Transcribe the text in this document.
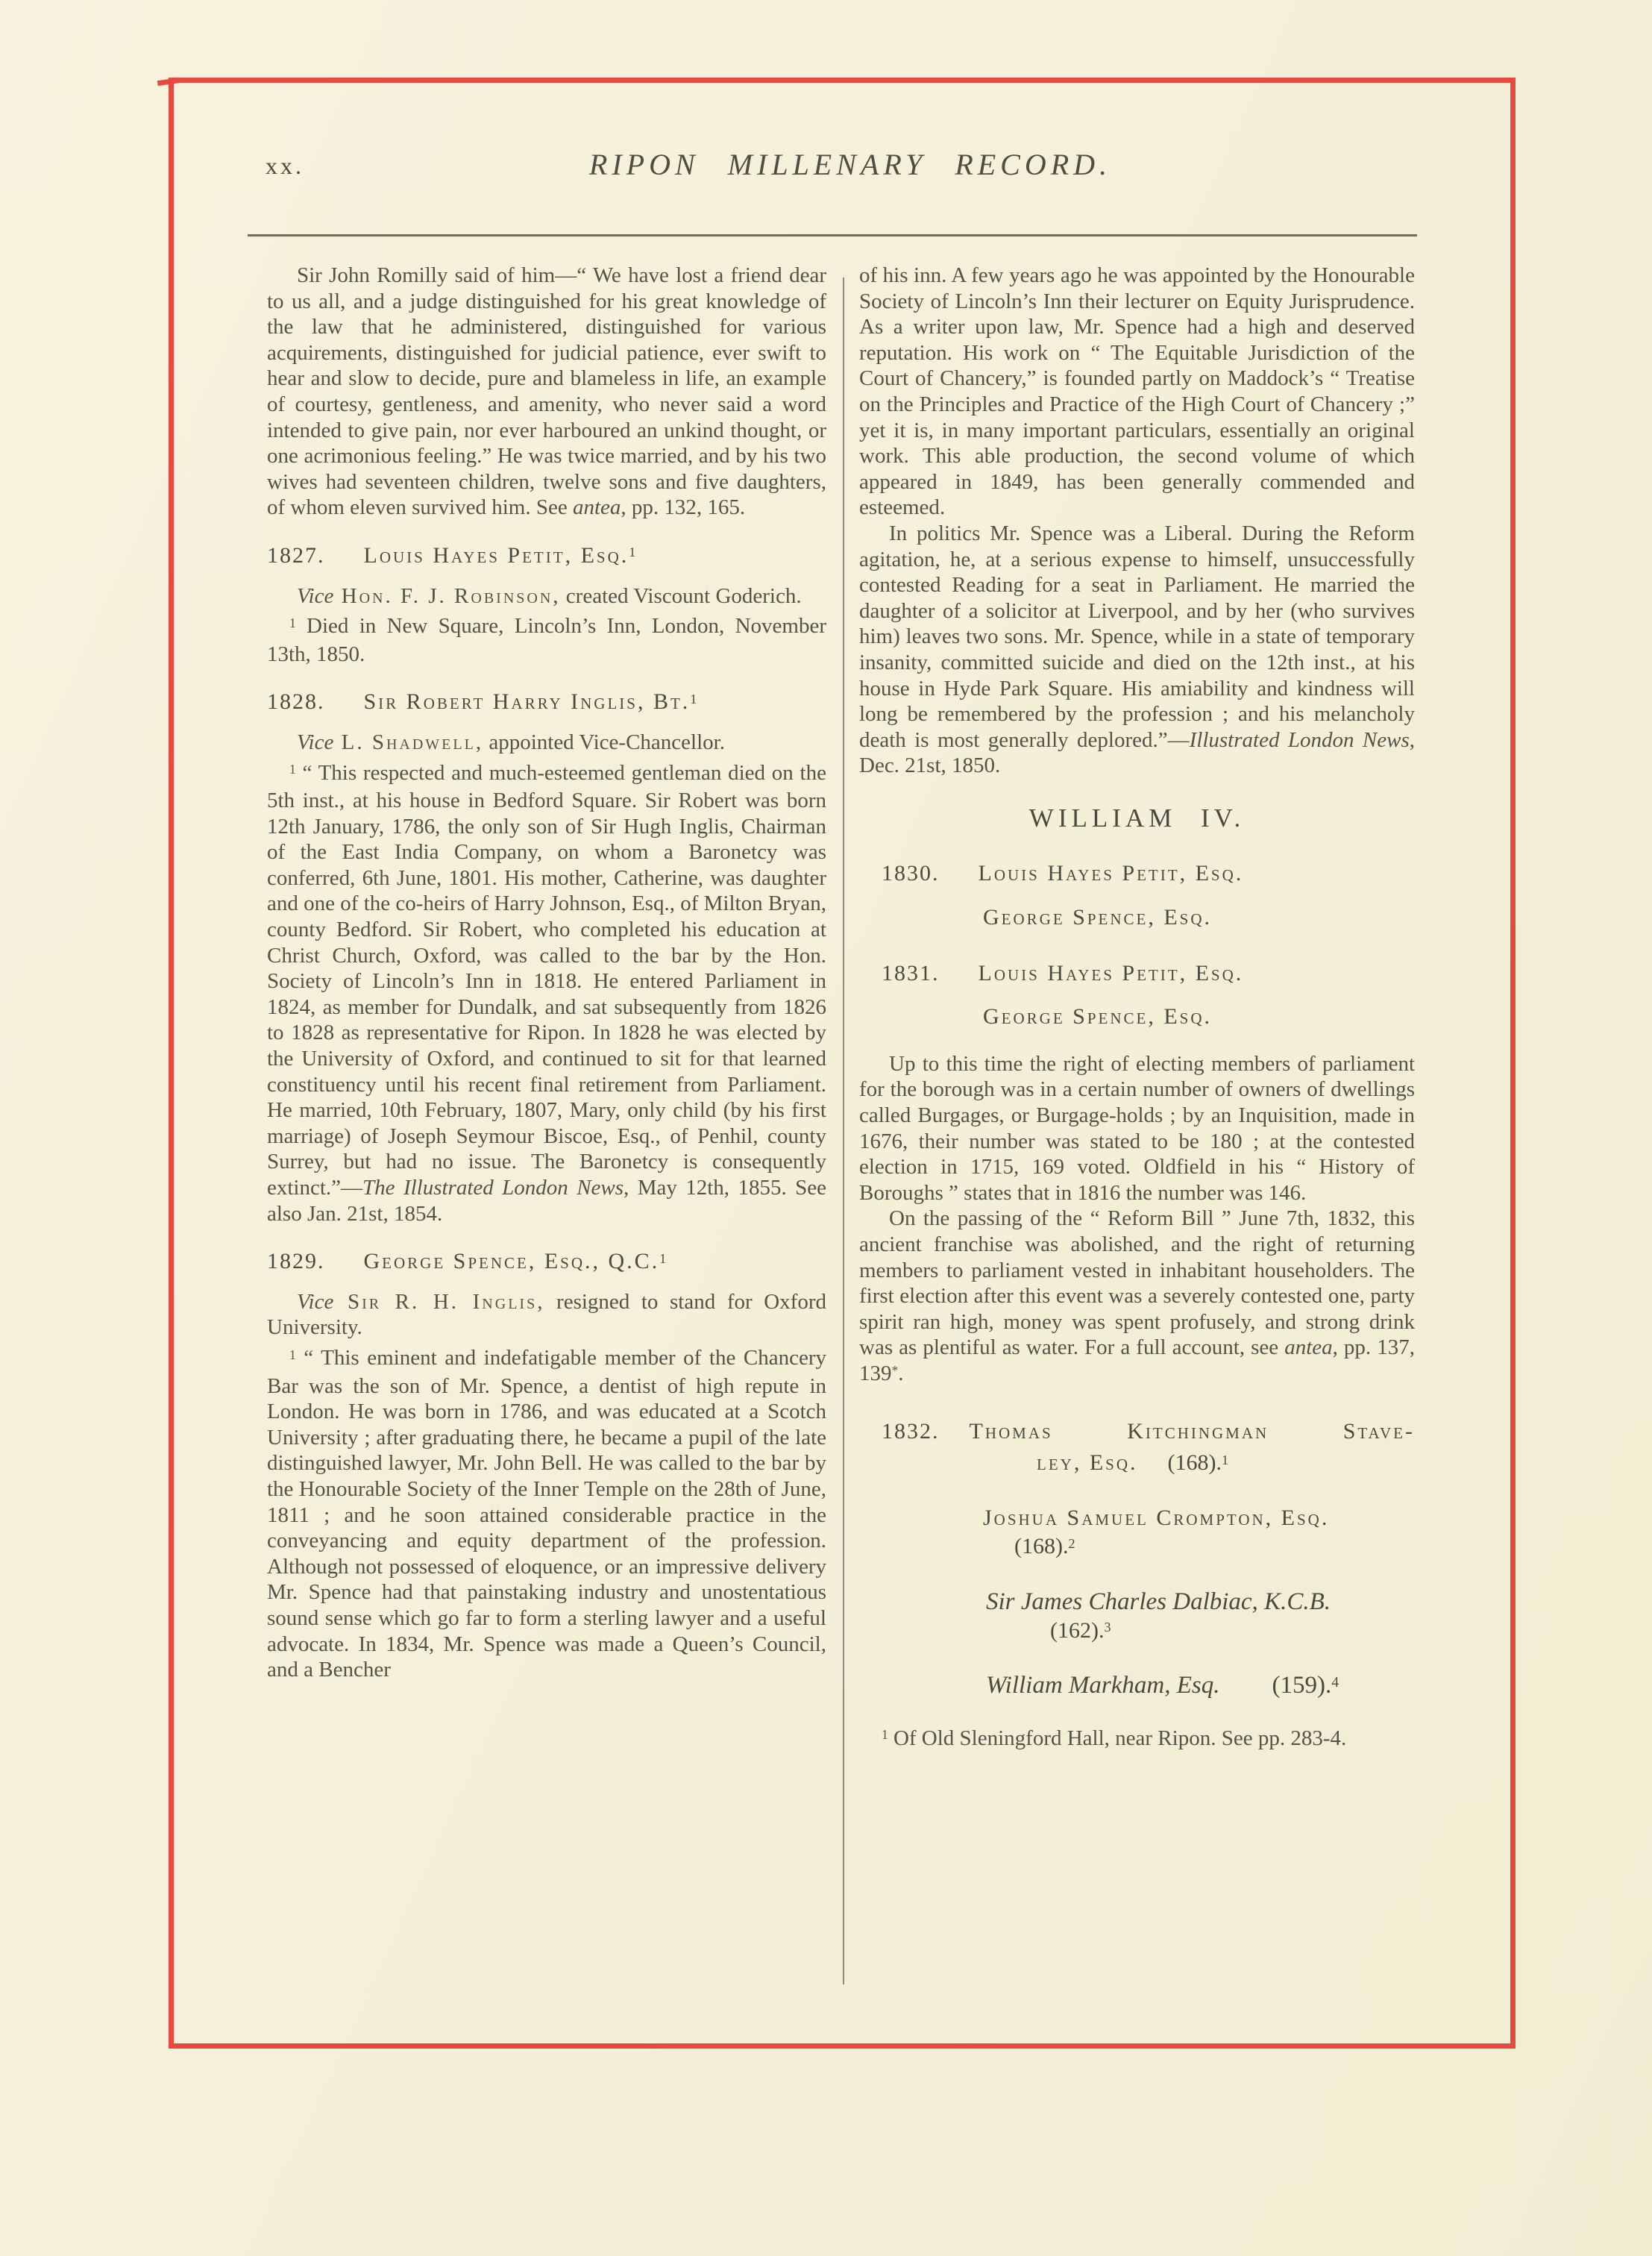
xx.	RIPON MILLENARY RECORD.

Sir John Romilly said of him—“ We have lost a friend dear to us all, and a judge distinguished for his great knowledge of the law that he administered, distinguished for various acquirements, distinguished for judicial patience, ever swift to hear and slow to decide, pure and blameless in life, an example of courtesy, gentleness, and amenity, who never said a word intended to give pain, nor ever harboured an unkind thought, or one acrimonious feeling.” He was twice married, and by his two wives had seventeen children, twelve sons and five daughters, of whom eleven survived him. See antea, pp. 132, 165.

1827. Louis Hayes Petit, Esq.$^1$

Vice Hon. F. J. Robinson, created Viscount Goderich.

$^1$ Died in New Square, Lincoln’s Inn, London, November 13th, 1850.

1828. Sir Robert Harry Inglis, Bt.$^1$

Vice L. Shadwell, appointed Vice-Chancellor.

$^1$ “ This respected and much-esteemed gentleman died on the 5th inst., at his house in Bedford Square. Sir Robert was born 12th January, 1786, the only son of Sir Hugh Inglis, Chairman of the East India Company, on whom a Baronetcy was conferred, 6th June, 1801. His mother, Catherine, was daughter and one of the co-heirs of Harry Johnson, Esq., of Milton Bryan, county Bedford. Sir Robert, who completed his education at Christ Church, Oxford, was called to the bar by the Hon. Society of Lincoln’s Inn in 1818. He entered Parliament in 1824, as member for Dundalk, and sat subsequently from 1826 to 1828 as representative for Ripon. In 1828 he was elected by the University of Oxford, and continued to sit for that learned constituency until his recent final retirement from Parliament. He married, 10th February, 1807, Mary, only child (by his first marriage) of Joseph Seymour Biscoe, Esq., of Penhil, county Surrey, but had no issue. The Baronetcy is consequently extinct.”—The Illustrated London News, May 12th, 1855. See also Jan. 21st, 1854.

1829. George Spence, Esq., Q.C.$^1$

Vice Sir R. H. Inglis, resigned to stand for Oxford University.

$^1$ “ This eminent and indefatigable member of the Chancery Bar was the son of Mr. Spence, a dentist of high repute in London. He was born in 1786, and was educated at a Scotch University ; after graduating there, he became a pupil of the late distinguished lawyer, Mr. John Bell. He was called to the bar by the Honourable Society of the Inner Temple on the 28th of June, 1811 ; and he soon attained considerable practice in the conveyancing and equity department of the profession. Although not possessed of eloquence, or an impressive delivery Mr. Spence had that painstaking industry and unostentatious sound sense which go far to form a sterling lawyer and a useful advocate. In 1834, Mr. Spence was made a Queen’s Council, and a Bencher

of his inn. A few years ago he was appointed by the Honourable Society of Lincoln’s Inn their lecturer on Equity Jurisprudence. As a writer upon law, Mr. Spence had a high and deserved reputation. His work on “ The Equitable Jurisdiction of the Court of Chancery,” is founded partly on Maddock’s “ Treatise on the Principles and Practice of the High Court of Chancery ;” yet it is, in many important particulars, essentially an original work. This able production, the second volume of which appeared in 1849, has been generally commended and esteemed.

In politics Mr. Spence was a Liberal. During the Reform agitation, he, at a serious expense to himself, unsuccessfully contested Reading for a seat in Parliament. He married the daughter of a solicitor at Liverpool, and by her (who survives him) leaves two sons. Mr. Spence, while in a state of temporary insanity, committed suicide and died on the 12th inst., at his house in Hyde Park Square. His amiability and kindness will long be remembered by the profession ; and his melancholy death is most generally deplored.”—Illustrated London News, Dec. 21st, 1850.

WILLIAM IV.

1830. Louis Hayes Petit, Esq.

George Spence, Esq.

1831. Louis Hayes Petit, Esq.

George Spence, Esq.

Up to this time the right of electing members of parliament for the borough was in a certain number of owners of dwellings called Burgages, or Burgage-holds ; by an Inquisition, made in 1676, their number was stated to be 180 ; at the contested election in 1715, 169 voted. Oldfield in his “ History of Boroughs ” states that in 1816 the number was 146.

On the passing of the “ Reform Bill ” June 7th, 1832, this ancient franchise was abolished, and the right of returning members to parliament vested in inhabitant householders. The first election after this event was a severely contested one, party spirit ran high, money was spent profusely, and strong drink was as plentiful as water. For a full account, see antea, pp. 137, 139*.

1832. Thomas Kitchingman Stave-

ley, Esq. (168).$^1$

Joshua Samuel Crompton, Esq.

(168).$^2$

Sir James Charles Dalbiac, K.C.B.

(162).$^3$

William Markham, Esq. (159).$^4$

$^1$ Of Old Sleningford Hall, near Ripon. See pp. 283-4.
